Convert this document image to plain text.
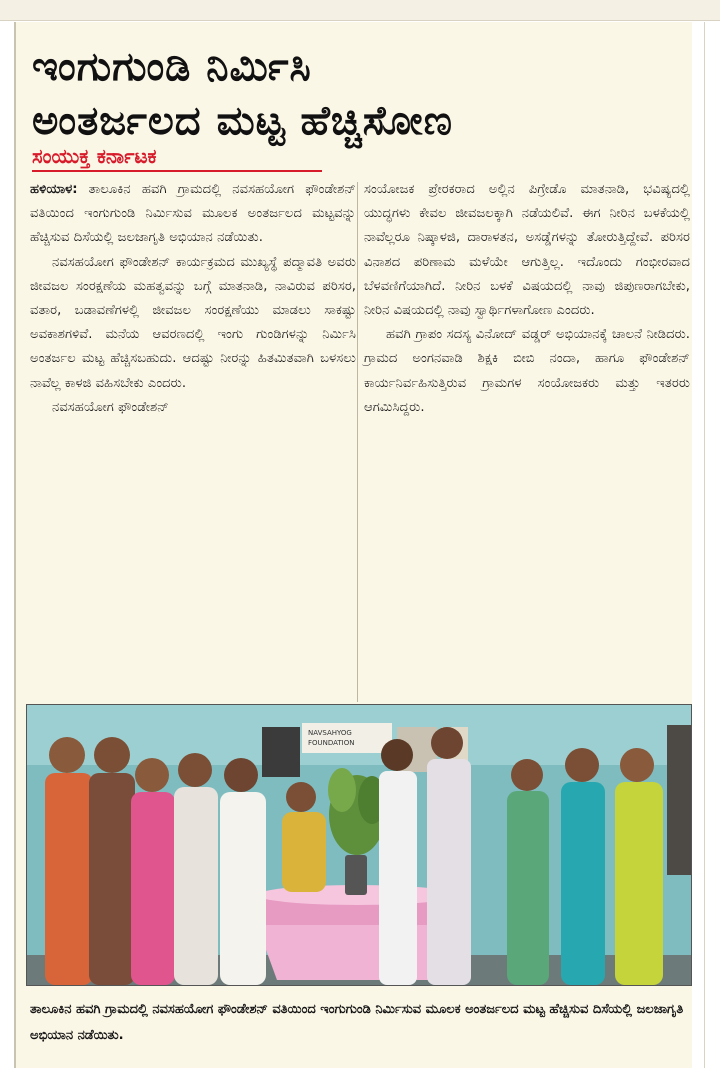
ಇಂಗುಗುಂಡಿ ನಿರ್ಮಿಸಿ
ಅಂತರ್ಜಲದ ಮಟ್ಟ ಹೆಚ್ಚಿಸೋಣ
ಸಂಯುಕ್ತ ಕರ್ನಾಟಕ

ಹಳಿಯಾಳ: ತಾಲೂಕಿನ ಹವಗಿ ಗ್ರಾಮದಲ್ಲಿ ನವಸಹಯೋಗ ಫೌಂಡೇಶನ್ ವತಿಯಿಂದ ಇಂಗುಗುಂಡಿ ನಿರ್ಮಿಸುವ ಮೂಲಕ ಅಂತರ್ಜಲದ ಮಟ್ಟವನ್ನು ಹೆಚ್ಚಿಸುವ ದಿಸೆಯಲ್ಲಿ ಜಲಜಾಗೃತಿ ಅಭಿಯಾನ ನಡೆಯಿತು.

ನವಸಹಯೋಗ ಫೌಂಡೇಶನ್ ಕಾರ್ಯಕ್ರಮದ ಮುಖ್ಯಸ್ಥೆ ಪದ್ಮಾವತಿ ಅವರು ಜೀವಜಲ ಸಂರಕ್ಷಣೆಯ ಮಹತ್ವವನ್ನು ಬಗ್ಗೆ ಮಾತನಾಡಿ, ನಾವಿರುವ ಪರಿಸರ, ವತಾರ, ಬಡಾವಣೆಗಳಲ್ಲಿ ಜೀವಜಲ ಸಂರಕ್ಷಣೆಯು ಮಾಡಲು ಸಾಕಷ್ಟು ಅವಕಾಶಗಳಿವೆ. ಮನೆಯ ಆವರಣದಲ್ಲಿ ಇಂಗು ಗುಂಡಿಗಳನ್ನು ನಿರ್ಮಿಸಿ ಅಂತರ್ಜಲ ಮಟ್ಟ ಹೆಚ್ಚಿಸಬಹುದು. ಆದಷ್ಟು ನೀರನ್ನು ಹಿತಮಿತವಾಗಿ ಬಳಸಲು ನಾವೆಲ್ಲ ಕಾಳಜಿ ವಹಿಸಬೇಕು ಎಂದರು.

ನವಸಹಯೋಗ ಫೌಂಡೇಶನ್

ಸಂಯೋಜಕ ಪ್ರೇರಕರಾದ ಅಲ್ಲಿನ ಪಿಗ್ರೇಡೊ ಮಾತನಾಡಿ, ಭವಿಷ್ಯದಲ್ಲಿ ಯುದ್ಧಗಳು ಕೇವಲ ಜೀವಜಲಕ್ಕಾಗಿ ನಡೆಯಲಿವೆ. ಈಗ ನೀರಿನ ಬಳಕೆಯಲ್ಲಿ ನಾವೆಲ್ಲರೂ ನಿಷ್ಕಾಳಜಿ, ದಾರಾಳತನ, ಅಸಡ್ಡೆಗಳನ್ನು ತೋರುತ್ತಿದ್ದೇವೆ. ಪರಿಸರ ವಿನಾಶದ ಪರಿಣಾಮ ಮಳೆಯೇ ಆಗುತ್ತಿಲ್ಲ. ಇದೊಂದು ಗಂಭೀರವಾದ ಬೆಳವಣಿಗೆಯಾಗಿದೆ. ನೀರಿನ ಬಳಕೆ ವಿಷಯದಲ್ಲಿ ನಾವು ಜಿಪುಣರಾಗಬೇಕು, ನೀರಿನ ವಿಷಯದಲ್ಲಿ ನಾವು ಸ್ವಾರ್ಥಿಗಳಾಗೋಣ ಎಂದರು.

ಹವಗಿ ಗ್ರಾಪಂ ಸದಸ್ಯ ವಿನೋದ್ ವಡ್ಡರ್ ಅಭಿಯಾನಕ್ಕೆ ಚಾಲನೆ ನೀಡಿದರು. ಗ್ರಾಮದ ಅಂಗನವಾಡಿ ಶಿಕ್ಷಕಿ ಬೀಬಿ ನಂದಾ, ಹಾಗೂ ಫೌಂಡೇಶನ್ ಕಾರ್ಯನಿರ್ವಹಿಸುತ್ತಿರುವ ಗ್ರಾಮಗಳ ಸಂಯೋಜಕರು ಮತ್ತು ಇತರರು ಆಗಮಿಸಿದ್ದರು.

NAVSAHYOG
FOUNDATION
ತಾಲೂಕಿನ ಹವಗಿ ಗ್ರಾಮದಲ್ಲಿ ನವಸಹಯೋಗ ಫೌಂಡೇಶನ್ ವತಿಯಿಂದ ಇಂಗುಗುಂಡಿ ನಿರ್ಮಿಸುವ ಮೂಲಕ ಅಂತರ್ಜಲದ ಮಟ್ಟ ಹೆಚ್ಚಿಸುವ ದಿಸೆಯಲ್ಲಿ ಜಲಜಾಗೃತಿ ಅಭಿಯಾನ ನಡೆಯಿತು.
